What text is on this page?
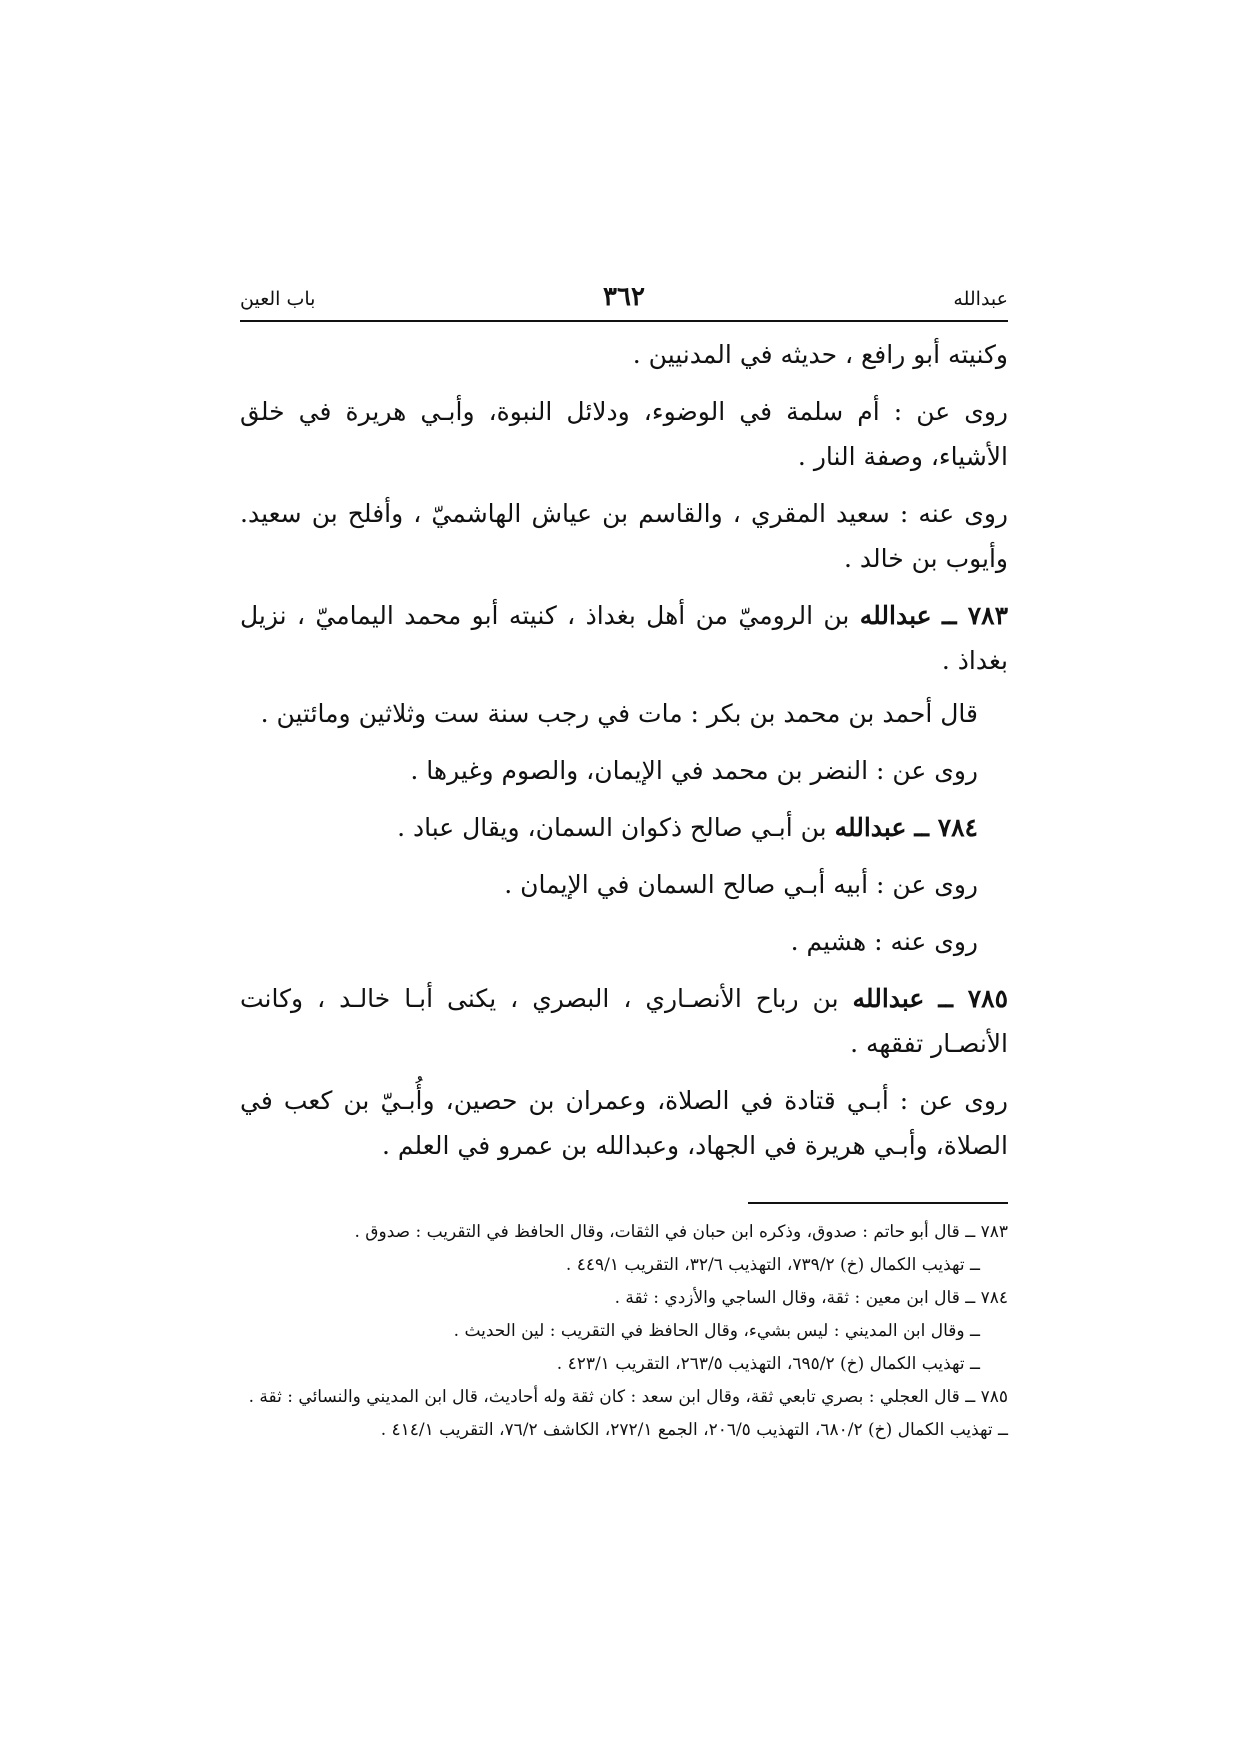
عبدالله
٣٦٢
باب العين

وكنيته أبو رافع ، حديثه في المدنيين .

روى عن : أم سلمة في الوضوء، ودلائل النبوة، وأبـي هريرة في خلق الأشياء، وصفة النار .

روى عنه : سعيد المقري ، والقاسم بن عياش الهاشميّ ، وأفلح بن سعيد. وأيوب بن خالد .

٧٨٣ ــ عبدالله بن الروميّ من أهل بغداذ ، كنيته أبو محمد اليماميّ ، نزيل بغداذ .

قال أحمد بن محمد بن بكر : مات في رجب سنة ست وثلاثين ومائتين .

روى عن : النضر بن محمد في الإيمان، والصوم وغيرها .

٧٨٤ ــ عبدالله بن أبـي صالح ذكوان السمان، ويقال عباد .

روى عن : أبيه أبـي صالح السمان في الإيمان .

روى عنه : هشيم .

٧٨٥ ــ عبدالله بن رباح الأنصـاري ، البصري ، يكنى أبـا خالـد ، وكانت الأنصـار تفقهه .

روى عن : أبـي قتادة في الصلاة، وعمران بن حصين، وأُبـيّ بن كعب في الصلاة، وأبـي هريرة في الجهاد، وعبدالله بن عمرو في العلم .

٧٨٣ ــ قال أبو حاتم : صدوق، وذكره ابن حبان في الثقات، وقال الحافظ في التقريب : صدوق .

ــ تهذيب الكمال (خ) ٧٣٩/٢، التهذيب ٣٢/٦، التقريب ٤٤٩/١ .

٧٨٤ ــ قال ابن معين : ثقة، وقال الساجي والأزدي : ثقة .

ــ وقال ابن المديني : ليس بشيء، وقال الحافظ في التقريب : لين الحديث .

ــ تهذيب الكمال (خ) ٦٩٥/٢، التهذيب ٢٦٣/٥، التقريب ٤٢٣/١ .

٧٨٥ ــ قال العجلي : بصري تابعي ثقة، وقال ابن سعد : كان ثقة وله أحاديث، قال ابن المديني والنسائي : ثقة .

ــ تهذيب الكمال (خ) ٦٨٠/٢، التهذيب ٢٠٦/٥، الجمع ٢٧٢/١، الكاشف ٧٦/٢، التقريب ٤١٤/١ .
